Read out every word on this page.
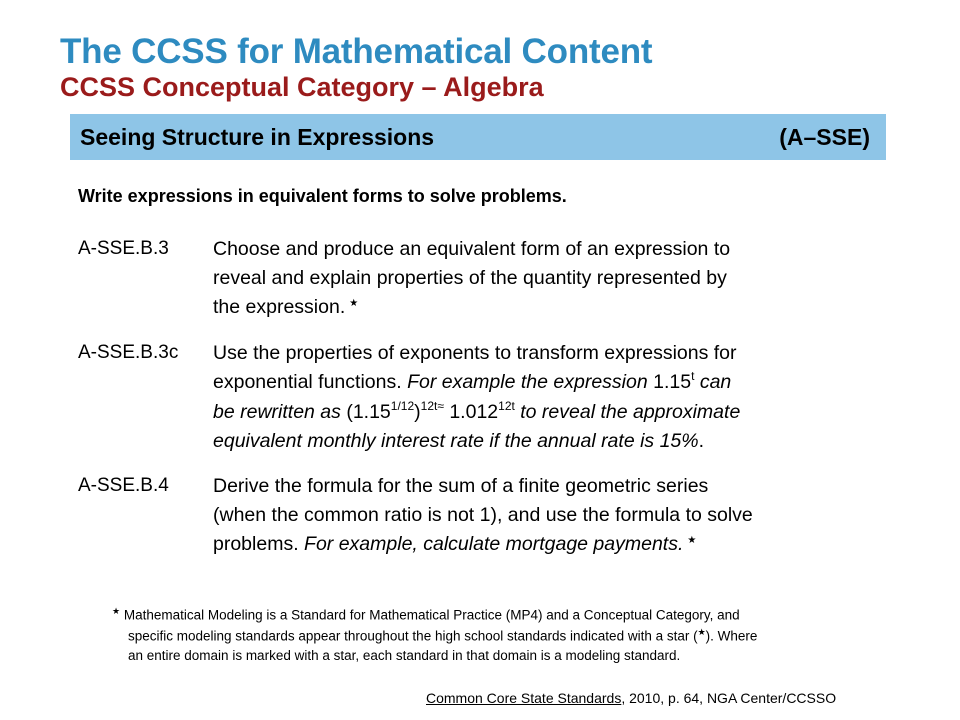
The CCSS for Mathematical Content
CCSS Conceptual Category – Algebra
Seeing Structure in Expressions	(A–SSE)
Write expressions in equivalent forms to solve problems.
A-SSE.B.3 Choose and produce an equivalent form of an expression to
reveal and explain properties of the quantity represented by
the expression. ★
A-SSE.B.3c Use the properties of exponents to transform expressions for
exponential functions. For example the expression 1.15$^t$ can
be rewritten as $(1.15^{1/12})^{12t\approx}$ $1.012^{12t}$ to reveal the approximate
equivalent monthly interest rate if the annual rate is 15%.
A-SSE.B.4 Derive the formula for the sum of a finite geometric series
(when the common ratio is not 1), and use the formula to solve
problems. For example, calculate mortgage payments. ★
★ Mathematical Modeling is a Standard for Mathematical Practice (MP4) and a Conceptual Category, and
specific modeling standards appear throughout the high school standards indicated with a star (★). Where
an entire domain is marked with a star, each standard in that domain is a modeling standard.
Common Core State Standards, 2010, p. 64, NGA Center/CCSSO
